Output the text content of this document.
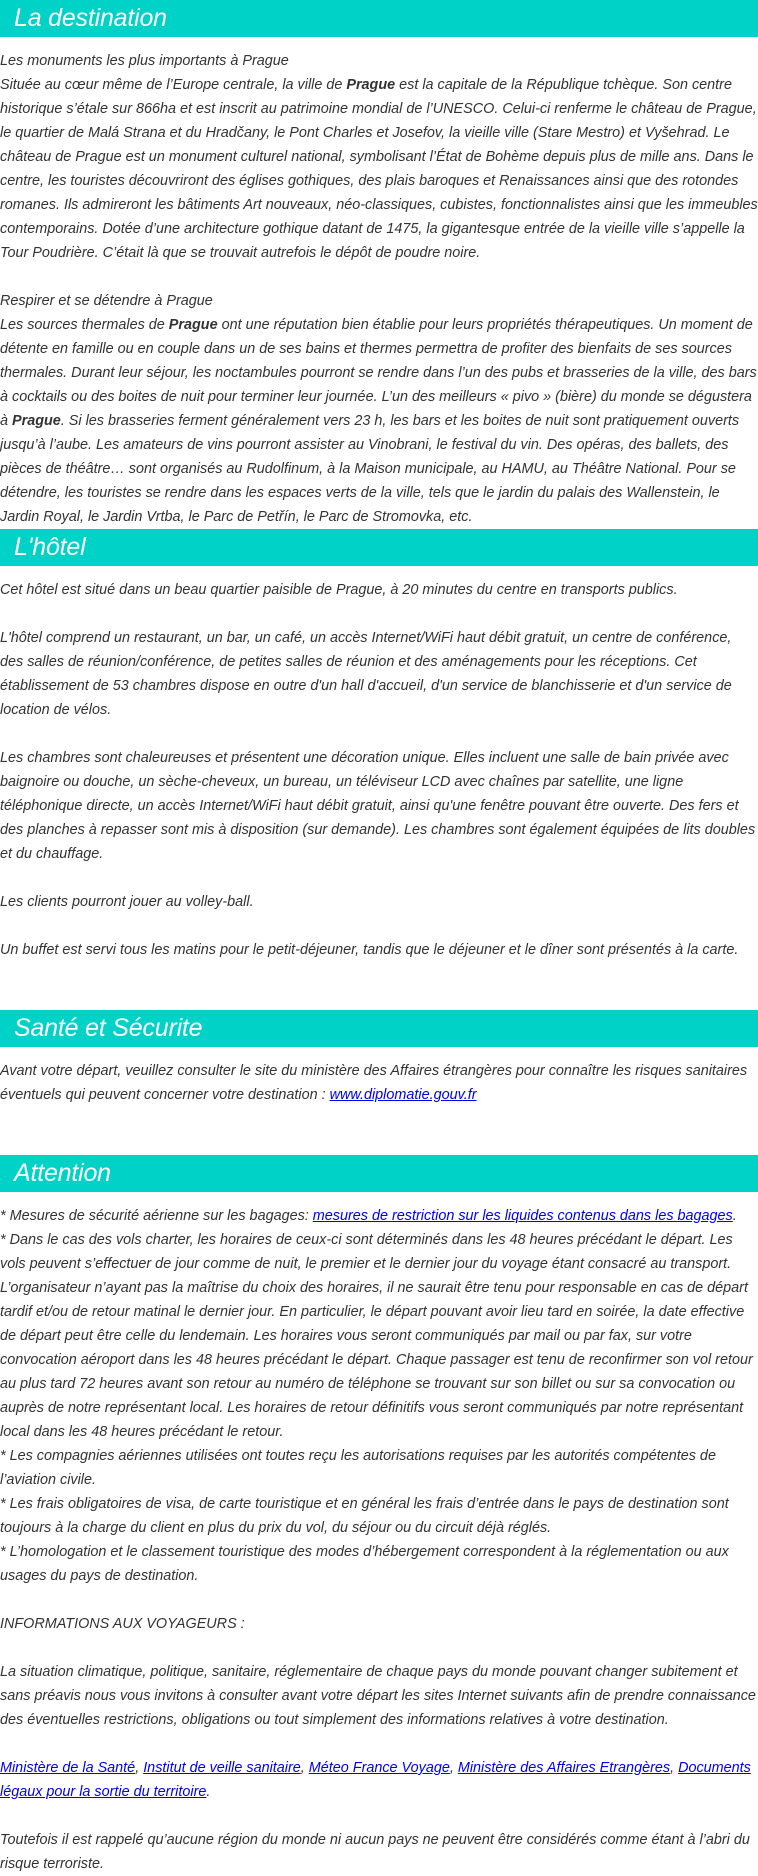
La destination

Les monuments les plus importants à Prague

Située au cœur même de l’Europe centrale, la ville de Prague est la capitale de la République tchèque. Son centre historique s’étale sur 866ha et est inscrit au patrimoine mondial de l’UNESCO. Celui-ci renferme le château de Prague, le quartier de Malá Strana et du Hradčany, le Pont Charles et Josefov, la vieille ville (Stare Mestro) et Vyšehrad. Le château de Prague est un monument culturel national, symbolisant l’État de Bohème depuis plus de mille ans. Dans le centre, les touristes découvriront des églises gothiques, des plais baroques et Renaissances ainsi que des rotondes romanes. Ils admireront les bâtiments Art nouveaux, néo-classiques, cubistes, fonctionnalistes ainsi que les immeubles contemporains. Dotée d’une architecture gothique datant de 1475, la gigantesque entrée de la vieille ville s’appelle la Tour Poudrière. C’était là que se trouvait autrefois le dépôt de poudre noire.

Respirer et se détendre à Prague

Les sources thermales de Prague ont une réputation bien établie pour leurs propriétés thérapeutiques. Un moment de détente en famille ou en couple dans un de ses bains et thermes permettra de profiter des bienfaits de ses sources thermales. Durant leur séjour, les noctambules pourront se rendre dans l’un des pubs et brasseries de la ville, des bars à cocktails ou des boites de nuit pour terminer leur journée. L’un des meilleurs « pivo » (bière) du monde se dégustera à Prague. Si les brasseries ferment généralement vers 23 h, les bars et les boites de nuit sont pratiquement ouverts jusqu’à l’aube. Les amateurs de vins pourront assister au Vinobrani, le festival du vin. Des opéras, des ballets, des pièces de théâtre… sont organisés au Rudolfinum, à la Maison municipale, au HAMU, au Théâtre National. Pour se détendre, les touristes se rendre dans les espaces verts de la ville, tels que le jardin du palais des Wallenstein, le Jardin Royal, le Jardin Vrtba, le Parc de Petřín, le Parc de Stromovka, etc.

L'hôtel

Cet hôtel est situé dans un beau quartier paisible de Prague, à 20 minutes du centre en transports publics.

L'hôtel comprend un restaurant, un bar, un café, un accès Internet/WiFi haut débit gratuit, un centre de conférence, des salles de réunion/conférence, de petites salles de réunion et des aménagements pour les réceptions. Cet établissement de 53 chambres dispose en outre d'un hall d'accueil, d'un service de blanchisserie et d'un service de location de vélos.

Les chambres sont chaleureuses et présentent une décoration unique. Elles incluent une salle de bain privée avec baignoire ou douche, un sèche-cheveux, un bureau, un téléviseur LCD avec chaînes par satellite, une ligne téléphonique directe, un accès Internet/WiFi haut débit gratuit, ainsi qu'une fenêtre pouvant être ouverte. Des fers et des planches à repasser sont mis à disposition (sur demande). Les chambres sont également équipées de lits doubles et du chauffage.

Les clients pourront jouer au volley-ball.

Un buffet est servi tous les matins pour le petit-déjeuner, tandis que le déjeuner et le dîner sont présentés à la carte.

Santé et Sécurite

Avant votre départ, veuillez consulter le site du ministère des Affaires étrangères pour connaître les risques sanitaires éventuels qui peuvent concerner votre destination : www.diplomatie.gouv.fr

Attention

* Mesures de sécurité aérienne sur les bagages: mesures de restriction sur les liquides contenus dans les bagages.

* Dans le cas des vols charter, les horaires de ceux-ci sont déterminés dans les 48 heures précédant le départ. Les vols peuvent s’effectuer de jour comme de nuit, le premier et le dernier jour du voyage étant consacré au transport. L’organisateur n’ayant pas la maîtrise du choix des horaires, il ne saurait être tenu pour responsable en cas de départ tardif et/ou de retour matinal le dernier jour. En particulier, le départ pouvant avoir lieu tard en soirée, la date effective de départ peut être celle du lendemain. Les horaires vous seront communiqués par mail ou par fax, sur votre convocation aéroport dans les 48 heures précédant le départ. Chaque passager est tenu de reconfirmer son vol retour au plus tard 72 heures avant son retour au numéro de téléphone se trouvant sur son billet ou sur sa convocation ou auprès de notre représentant local. Les horaires de retour définitifs vous seront communiqués par notre représentant local dans les 48 heures précédant le retour.

* Les compagnies aériennes utilisées ont toutes reçu les autorisations requises par les autorités compétentes de l’aviation civile.

* Les frais obligatoires de visa, de carte touristique et en général les frais d’entrée dans le pays de destination sont toujours à la charge du client en plus du prix du vol, du séjour ou du circuit déjà réglés.

* L’homologation et le classement touristique des modes d’hébergement correspondent à la réglementation ou aux usages du pays de destination.

INFORMATIONS AUX VOYAGEURS :

La situation climatique, politique, sanitaire, réglementaire de chaque pays du monde pouvant changer subitement et sans préavis nous vous invitons à consulter avant votre départ les sites Internet suivants afin de prendre connaissance des éventuelles restrictions, obligations ou tout simplement des informations relatives à votre destination.

Ministère de la Santé, Institut de veille sanitaire, Méteo France Voyage, Ministère des Affaires Etrangères, Documents légaux pour la sortie du territoire.

Toutefois il est rappelé qu’aucune région du monde ni aucun pays ne peuvent être considérés comme étant à l’abri du risque terroriste.
